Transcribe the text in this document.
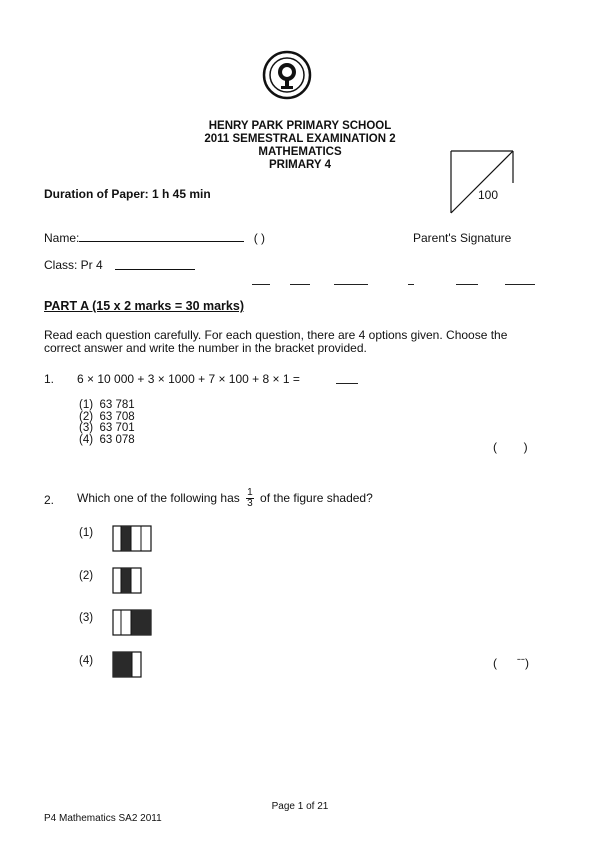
HENRY PARK PRIMARY SCHOOL
2011 SEMESTRAL EXAMINATION 2
MATHEMATICS
PRIMARY 4
100
Duration of Paper: 1 h 45 min
Name:	( )	Parent's Signature
Class: Pr 4
PART A (15 x 2 marks = 30 marks)
Read each question carefully. For each question, there are 4 options given. Choose the correct answer and write the number in the bracket provided.
1. 6 × 10 000 + 3 × 1000 + 7 × 100 + 8 × 1 =
(1) 63 781
(2) 63 708
(3) 63 701
(4) 63 078
(        )
2. Which one of the following has $\frac{1}{3}$ of the figure shaded?
(1)
(2)
(3)
(4)	(      ˉˉ)
Page 1 of 21
P4 Mathematics SA2 2011
